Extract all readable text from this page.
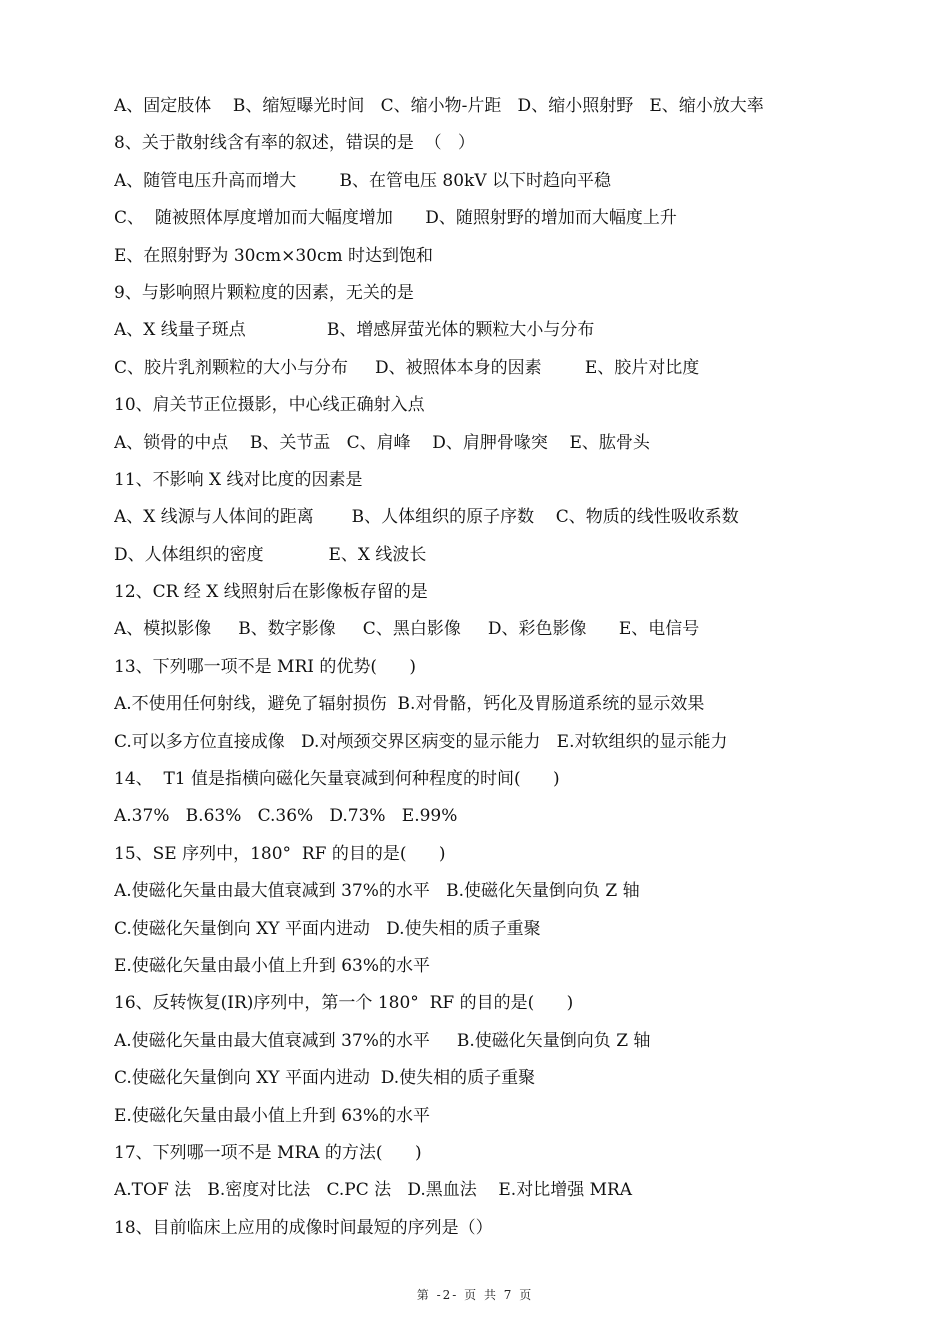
A、固定肢体    B、缩短曝光时间   C、缩小物-片距   D、缩小照射野   E、缩小放大率
8、关于散射线含有率的叙述，错误的是  （   ）
A、随管电压升高而增大        B、在管电压 80kV 以下时趋向平稳
C、  随被照体厚度增加而大幅度增加      D、随照射野的增加而大幅度上升
E、在照射野为 30cm×30cm 时达到饱和
9、与影响照片颗粒度的因素，无关的是
A、X 线量子斑点               B、增感屏萤光体的颗粒大小与分布
C、胶片乳剂颗粒的大小与分布     D、被照体本身的因素        E、胶片对比度
10、肩关节正位摄影，中心线正确射入点
A、锁骨的中点    B、关节盂   C、肩峰    D、肩胛骨喙突    E、肱骨头
11、不影响 X 线对比度的因素是
A、X 线源与人体间的距离       B、人体组织的原子序数    C、物质的线性吸收系数
D、人体组织的密度            E、X 线波长
12、CR 经 X 线照射后在影像板存留的是
A、模拟影像     B、数字影像     C、黑白影像     D、彩色影像      E、电信号
13、下列哪一项不是 MRI 的优势(      )
A.不使用任何射线，避免了辐射损伤  B.对骨骼，钙化及胃肠道系统的显示效果
C.可以多方位直接成像   D.对颅颈交界区病变的显示能力   E.对软组织的显示能力
14、  T1 值是指横向磁化矢量衰减到何种程度的时间(      )
A.37%   B.63%   C.36%   D.73%   E.99%
15、SE 序列中，180°  RF 的目的是(      )
A.使磁化矢量由最大值衰减到 37%的水平   B.使磁化矢量倒向负 Z 轴
C.使磁化矢量倒向 XY 平面内进动   D.使失相的质子重聚
E.使磁化矢量由最小值上升到 63%的水平
16、反转恢复(IR)序列中，第一个 180°  RF 的目的是(      )
A.使磁化矢量由最大值衰减到 37%的水平     B.使磁化矢量倒向负 Z 轴
C.使磁化矢量倒向 XY 平面内进动  D.使失相的质子重聚
E.使磁化矢量由最小值上升到 63%的水平
17、下列哪一项不是 MRA 的方法(      )
A.TOF 法   B.密度对比法   C.PC 法   D.黑血法    E.对比增强 MRA
18、目前临床上应用的成像时间最短的序列是（）
第 -2- 页 共 7 页
